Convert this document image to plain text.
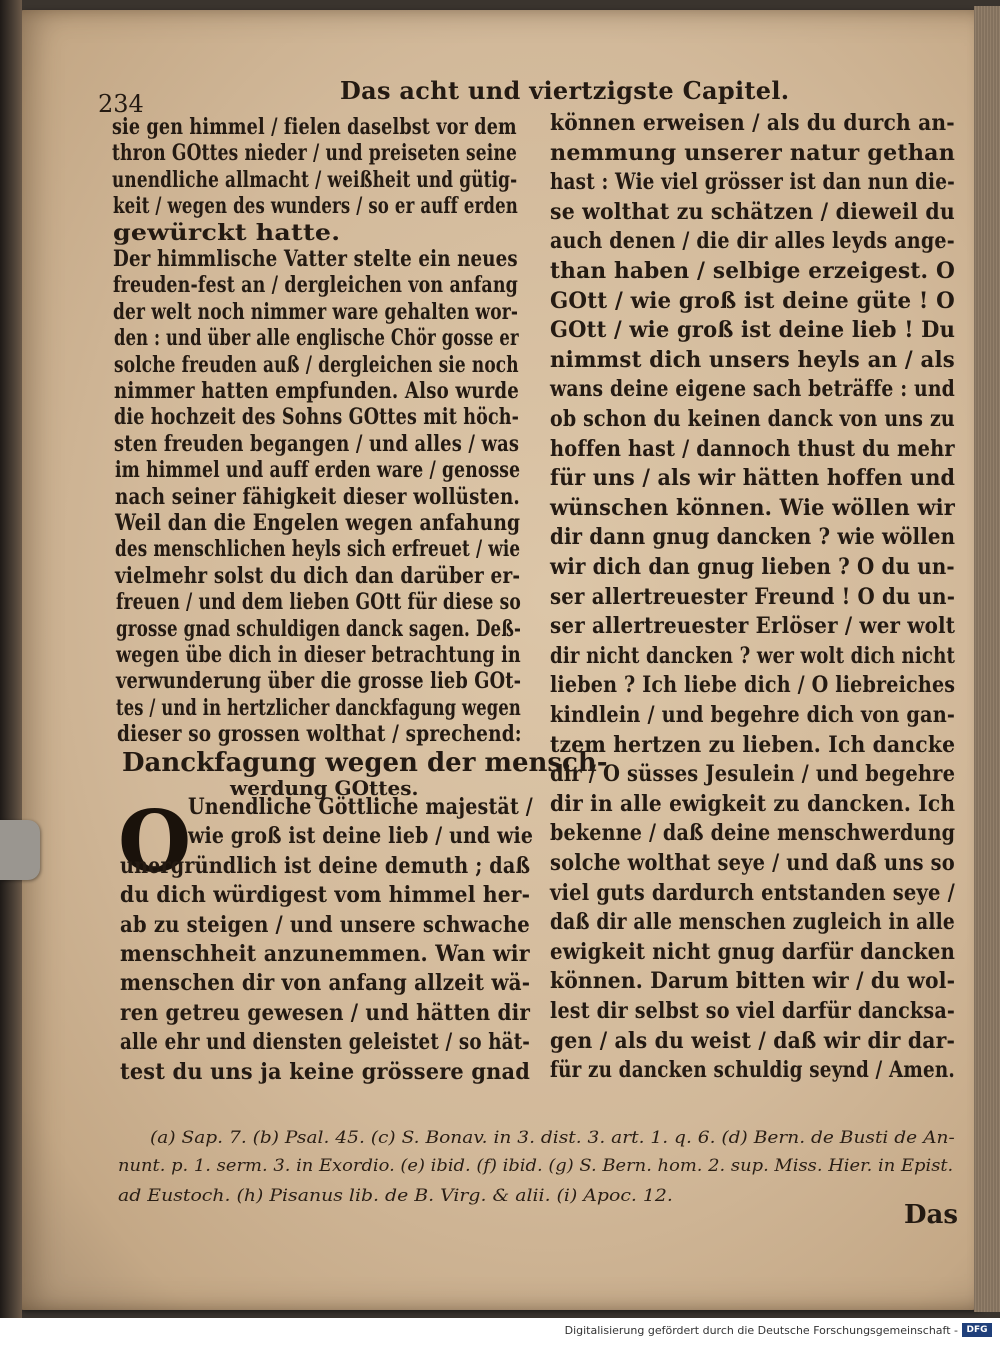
234	Das acht und viertzigste Capitel.
sie gen himmel / fielen daselbst vor dem
thron GOttes nieder / und preiseten seine
unendliche allmacht / weißheit und gütig-
keit / wegen des wunders / so er auff erden
gewürckt hatte.
Der himmlische Vatter stelte ein neues
freuden-fest an / dergleichen von anfang
der welt noch nimmer ware gehalten wor-
den : und über alle englische Chör gosse er
solche freuden auß / dergleichen sie noch
nimmer hatten empfunden. Also wurde
die hochzeit des Sohns GOttes mit höch-
sten freuden begangen / und alles / was
im himmel und auff erden ware / genosse
nach seiner fähigkeit dieser wollüsten.
Weil dan die Engelen wegen anfahung
des menschlichen heyls sich erfreuet / wie
vielmehr solst du dich dan darüber er-
freuen / und dem lieben GOtt für diese so
grosse gnad schuldigen danck sagen. Deß-
wegen übe dich in dieser betrachtung in
verwunderung über die grosse lieb GOt-
tes / und in hertzlicher danckfagung wegen
dieser so grossen wolthat / sprechend:
Danckfagung wegen der mensch-
werdung GOttes.
O
Unendliche Göttliche majestät /
wie groß ist deine lieb / und wie
unergründlich ist deine demuth ; daß
du dich würdigest vom himmel her-
ab zu steigen / und unsere schwache
menschheit anzunemmen. Wan wir
menschen dir von anfang allzeit wä-
ren getreu gewesen / und hätten dir
alle ehr und diensten geleistet / so hät-
test du uns ja keine grössere gnad
können erweisen / als du durch an-
nemmung unserer natur gethan
hast : Wie viel grösser ist dan nun die-
se wolthat zu schätzen / dieweil du
auch denen / die dir alles leyds ange-
than haben / selbige erzeigest. O
GOtt / wie groß ist deine güte ! O
GOtt / wie groß ist deine lieb ! Du
nimmst dich unsers heyls an / als
wans deine eigene sach beträffe : und
ob schon du keinen danck von uns zu
hoffen hast / dannoch thust du mehr
für uns / als wir hätten hoffen und
wünschen können. Wie wöllen wir
dir dann gnug dancken ? wie wöllen
wir dich dan gnug lieben ? O du un-
ser allertreuester Freund ! O du un-
ser allertreuester Erlöser / wer wolt
dir nicht dancken ? wer wolt dich nicht
lieben ? Ich liebe dich / O liebreiches
kindlein / und begehre dich von gan-
tzem hertzen zu lieben. Ich dancke
dir / O süsses Jesulein / und begehre
dir in alle ewigkeit zu dancken. Ich
bekenne / daß deine menschwerdung
solche wolthat seye / und daß uns so
viel guts dardurch entstanden seye /
daß dir alle menschen zugleich in alle
ewigkeit nicht gnug darfür dancken
können. Darum bitten wir / du wol-
lest dir selbst so viel darfür dancksa-
gen / als du weist / daß wir dir dar-
für zu dancken schuldig seynd / Amen.
(a) Sap. 7. (b) Psal. 45. (c) S. Bonav. in 3. dist. 3. art. 1. q. 6. (d) Bern. de Busti de An-
nunt. p. 1. serm. 3. in Exordio. (e) ibid. (f) ibid. (g) S. Bern. hom. 2. sup. Miss. Hier. in Epist.
ad Eustoch. (h) Pisanus lib. de B. Virg. & alii. (i) Apoc. 12.
Das
Digitalisierung gefördert durch die Deutsche Forschungsgemeinschaft - DFG
